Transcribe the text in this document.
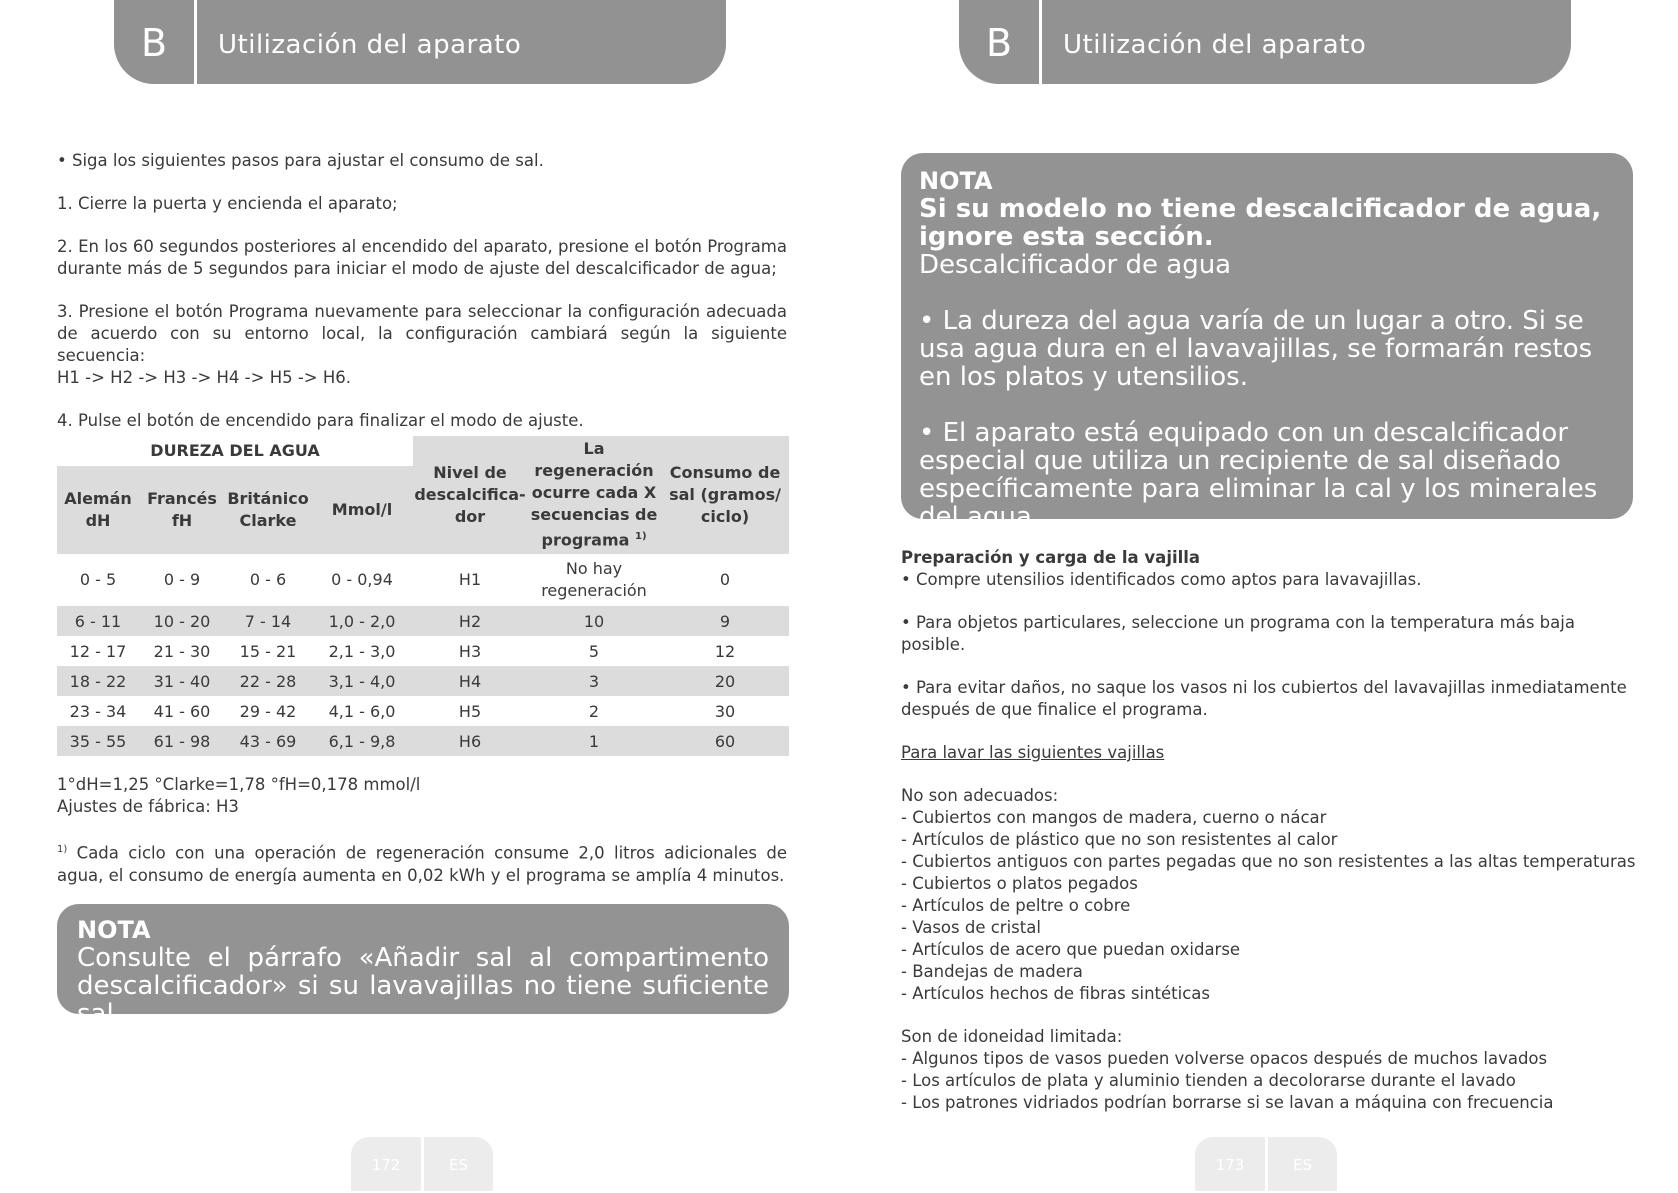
B	Utilización del aparato

• Siga los siguientes pasos para ajustar el consumo de sal.

1. Cierre la puerta y encienda el aparato;

2. En los 60 segundos posteriores al encendido del aparato, presione el botón Programa durante más de 5 segundos para iniciar el modo de ajuste del descalcificador de agua;

3. Presione el botón Programa nuevamente para seleccionar la configuración adecuada de acuerdo con su entorno local, la configuración cambiará según la siguiente secuencia:

H1 -> H2 -> H3 -> H4 -> H5 -> H6.

4. Pulse el botón de encendido para finalizar el modo de ajuste.

DUREZA DEL AGUA				Nivel de descalcifica-dor	La regeneración ocurre cada X secuencias de programa $^{1)}$	Consumo de sal (gramos/ ciclo)
Alemán dH	Francés fH	Británico Clarke	Mmol/l			
0 - 5	0 - 9	0 - 6	0 - 0,94	H1	No hay regeneración	0
6 - 11	10 - 20	7 - 14	1,0 - 2,0	H2	10	9
12 - 17	21 - 30	15 - 21	2,1 - 3,0	H3	5	12
18 - 22	31 - 40	22 - 28	3,1 - 4,0	H4	3	20
23 - 34	41 - 60	29 - 42	4,1 - 6,0	H5	2	30
35 - 55	61 - 98	43 - 69	6,1 - 9,8	H6	1	60

1°dH=1,25 °Clarke=1,78 °fH=0,178 mmol/l

Ajustes de fábrica: H3

$^{1)}$ Cada ciclo con una operación de regeneración consume 2,0 litros adicionales de agua, el consumo de energía aumenta en 0,02 kWh y el programa se amplía 4 minutos.

NOTA
Consulte el párrafo «Añadir sal al compartimento descalcificador» si su lavavajillas no tiene suficiente sal.
172	ES
B	Utilización del aparato
NOTA
Si su modelo no tiene descalcificador de agua, ignore esta sección.
Descalcificador de agua
• La dureza del agua varía de un lugar a otro. Si se usa agua dura en el lavavajillas, se formarán restos en los platos y utensilios.
• El aparato está equipado con un descalcificador especial que utiliza un recipiente de sal diseñado específicamente para eliminar la cal y los minerales del agua.

Preparación y carga de la vajilla

• Compre utensilios identificados como aptos para lavavajillas.

• Para objetos particulares, seleccione un programa con la temperatura más baja posible.

• Para evitar daños, no saque los vasos ni los cubiertos del lavavajillas inmediatamente después de que finalice el programa.

Para lavar las siguientes vajillas

No son adecuados:

- Cubiertos con mangos de madera, cuerno o nácar

- Artículos de plástico que no son resistentes al calor

- Cubiertos antiguos con partes pegadas que no son resistentes a las altas temperaturas

- Cubiertos o platos pegados

- Artículos de peltre o cobre

- Vasos de cristal

- Artículos de acero que puedan oxidarse

- Bandejas de madera

- Artículos hechos de fibras sintéticas

Son de idoneidad limitada:

- Algunos tipos de vasos pueden volverse opacos después de muchos lavados

- Los artículos de plata y aluminio tienden a decolorarse durante el lavado

- Los patrones vidriados podrían borrarse si se lavan a máquina con frecuencia

173	ES
